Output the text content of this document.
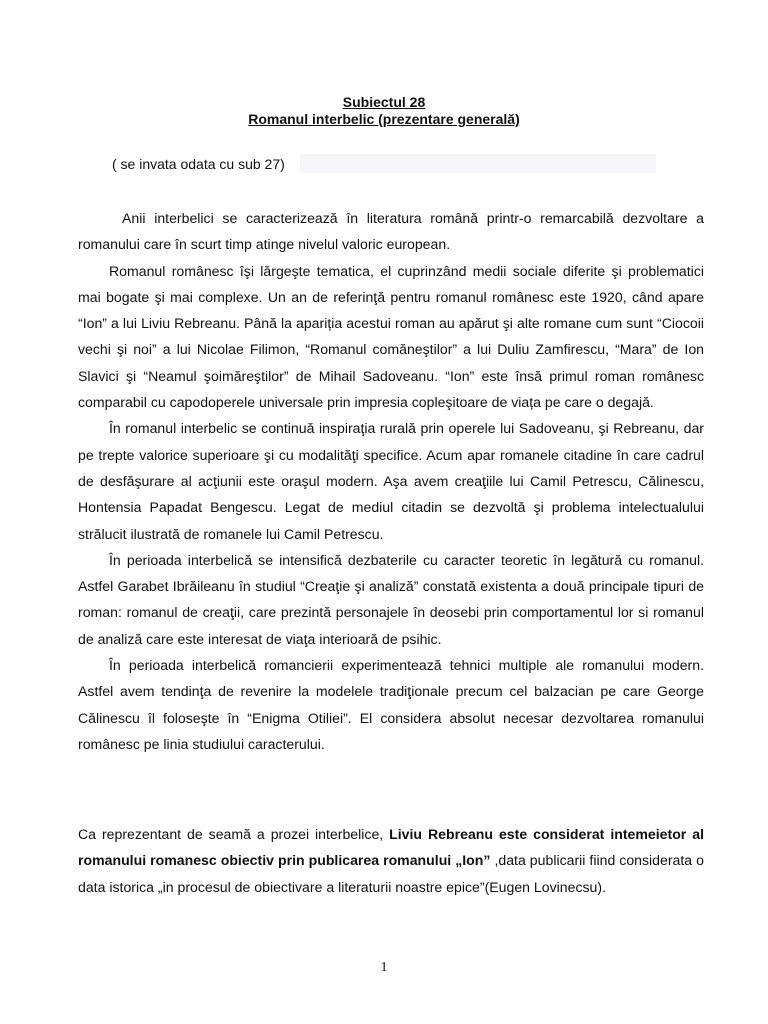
Subiectul 28
Romanul interbelic (prezentare generală)
( se invata odata cu sub 27)

Anii interbelici se caracterizează în literatura română printr-o remarcabilă dezvoltare a romanului care în scurt timp atinge nivelul valoric european.

Romanul românesc îşi lărgeşte tematica, el cuprinzând medii sociale diferite şi problematici mai bogate şi mai complexe. Un an de referinţă pentru romanul românesc este 1920, când apare “Ion” a lui Liviu Rebreanu. Până la apariția acestui roman au apărut şi alte romane cum sunt “Ciocoii vechi şi noi” a lui Nicolae Filimon, “Romanul comăneştilor” a lui Duliu Zamfirescu, “Mara” de Ion Slavici şi “Neamul şoimăreştilor” de Mihail Sadoveanu. “Ion” este însă primul roman românesc comparabil cu capodoperele universale prin impresia copleşitoare de viața pe care o degajă.

În romanul interbelic se continuă inspiraţia rurală prin operele lui Sadoveanu, şi Rebreanu, dar pe trepte valorice superioare şi cu modalităţi specifice. Acum apar romanele citadine în care cadrul de desfăşurare al acţiunii este oraşul modern. Aşa avem creaţiile lui Camil Petrescu, Călinescu, Hontensia Papadat Bengescu. Legat de mediul citadin se dezvoltă şi problema intelectualului strălucit ilustrată de romanele lui Camil Petrescu.

În perioada interbelică se intensifică dezbaterile cu caracter teoretic în legătură cu romanul. Astfel Garabet Ibrăileanu în studiul “Creaţie şi analiză” constată existenta a două principale tipuri de roman: romanul de creaţii, care prezintă personajele în deosebi prin comportamentul lor si romanul de analiză care este interesat de viaţa interioară de psihic.

În perioada interbelică romancierii experimentează tehnici multiple ale romanului modern. Astfel avem tendinţa de revenire la modelele tradiţionale precum cel balzacian pe care George Călinescu îl foloseşte în “Enigma Otiliei”. El considera absolut necesar dezvoltarea romanului românesc pe linia studiului caracterului.

Ca reprezentant de seamă a prozei interbelice, Liviu Rebreanu este considerat intemeietor al romanului romanesc obiectiv prin publicarea romanului „Ion” ,data publicarii fiind considerata o data istorica „in procesul de obiectivare a literaturii noastre epice”(Eugen Lovinecsu).

1
